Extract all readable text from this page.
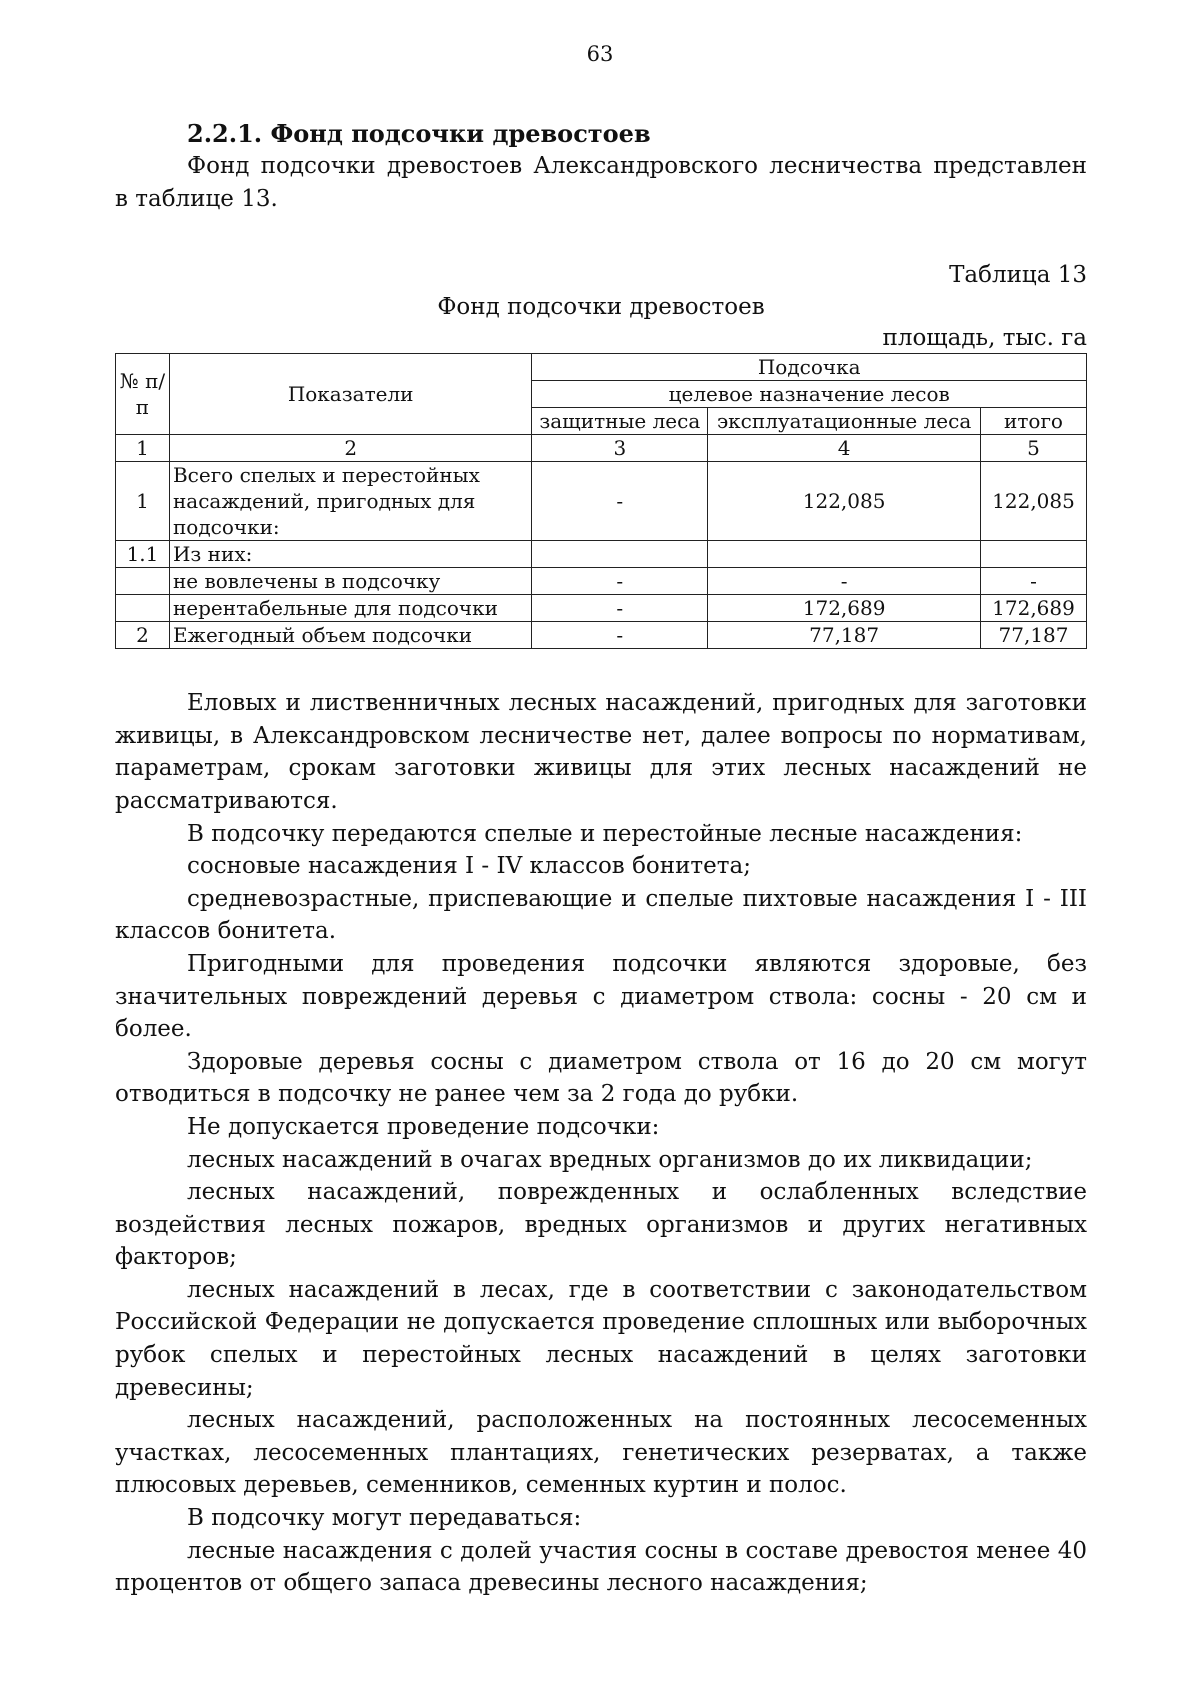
63
2.2.1. Фонд подсочки древостоев

Фонд подсочки древостоев Александровского лесничества представлен в таблице 13.

Таблица 13
Фонд подсочки древостоев
площадь, тыс. га
№ п/п	Показатели	Подсочка		
		целевое назначение лесов		
		защитные леса	эксплуатационные леса	итого
1	2	3	4	5
1	Всего спелых и перестойных насаждений, пригодных для подсочки:	-	122,085	122,085
1.1	Из них:			
	не вовлечены в подсочку	-	-	-
	нерентабельные для подсочки	-	172,689	172,689
2	Ежегодный объем подсочки	-	77,187	77,187

Еловых и лиственничных лесных насаждений, пригодных для заготовки живицы, в Александровском лесничестве нет, далее вопросы по нормативам, параметрам, срокам заготовки живицы для этих лесных насаждений не рассматриваются.

В подсочку передаются спелые и перестойные лесные насаждения:

сосновые насаждения I - IV классов бонитета;

средневозрастные, приспевающие и спелые пихтовые насаждения I - III классов бонитета.

Пригодными для проведения подсочки являются здоровые, без значительных повреждений деревья с диаметром ствола: сосны - 20 см и более.

Здоровые деревья сосны с диаметром ствола от 16 до 20 см могут отводиться в подсочку не ранее чем за 2 года до рубки.

Не допускается проведение подсочки:

лесных насаждений в очагах вредных организмов до их ликвидации;

лесных насаждений, поврежденных и ослабленных вследствие воздействия лесных пожаров, вредных организмов и других негативных факторов;

лесных насаждений в лесах, где в соответствии с законодательством Российской Федерации не допускается проведение сплошных или выборочных рубок спелых и перестойных лесных насаждений в целях заготовки древесины;

лесных насаждений, расположенных на постоянных лесосеменных участках, лесосеменных плантациях, генетических резерватах, а также плюсовых деревьев, семенников, семенных куртин и полос.

В подсочку могут передаваться:

лесные насаждения с долей участия сосны в составе древостоя менее 40 процентов от общего запаса древесины лесного насаждения;
